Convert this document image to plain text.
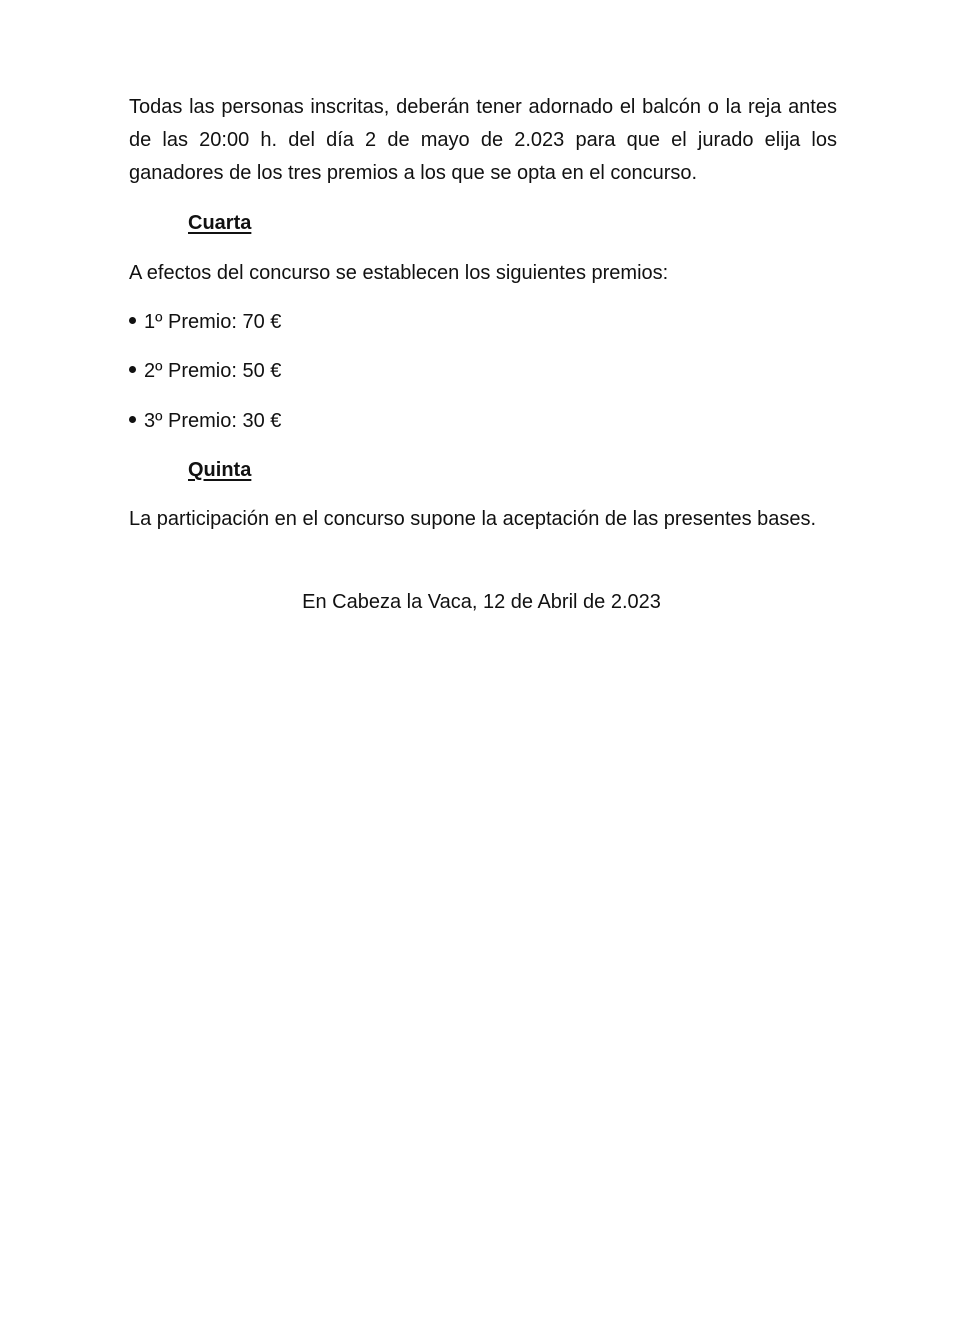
Todas las personas inscritas, deberán tener adornado el balcón o la reja antes de las 20:00 h. del día 2 de mayo de 2.023 para que el jurado elija los ganadores de los tres premios a los que se opta en el concurso.
Cuarta
A efectos del concurso se establecen los siguientes premios:
1º Premio: 70 €
2º Premio: 50 €
3º Premio: 30 €
Quinta
La participación en el concurso supone la aceptación de las presentes bases.
En Cabeza la Vaca, 12 de Abril de 2.023
